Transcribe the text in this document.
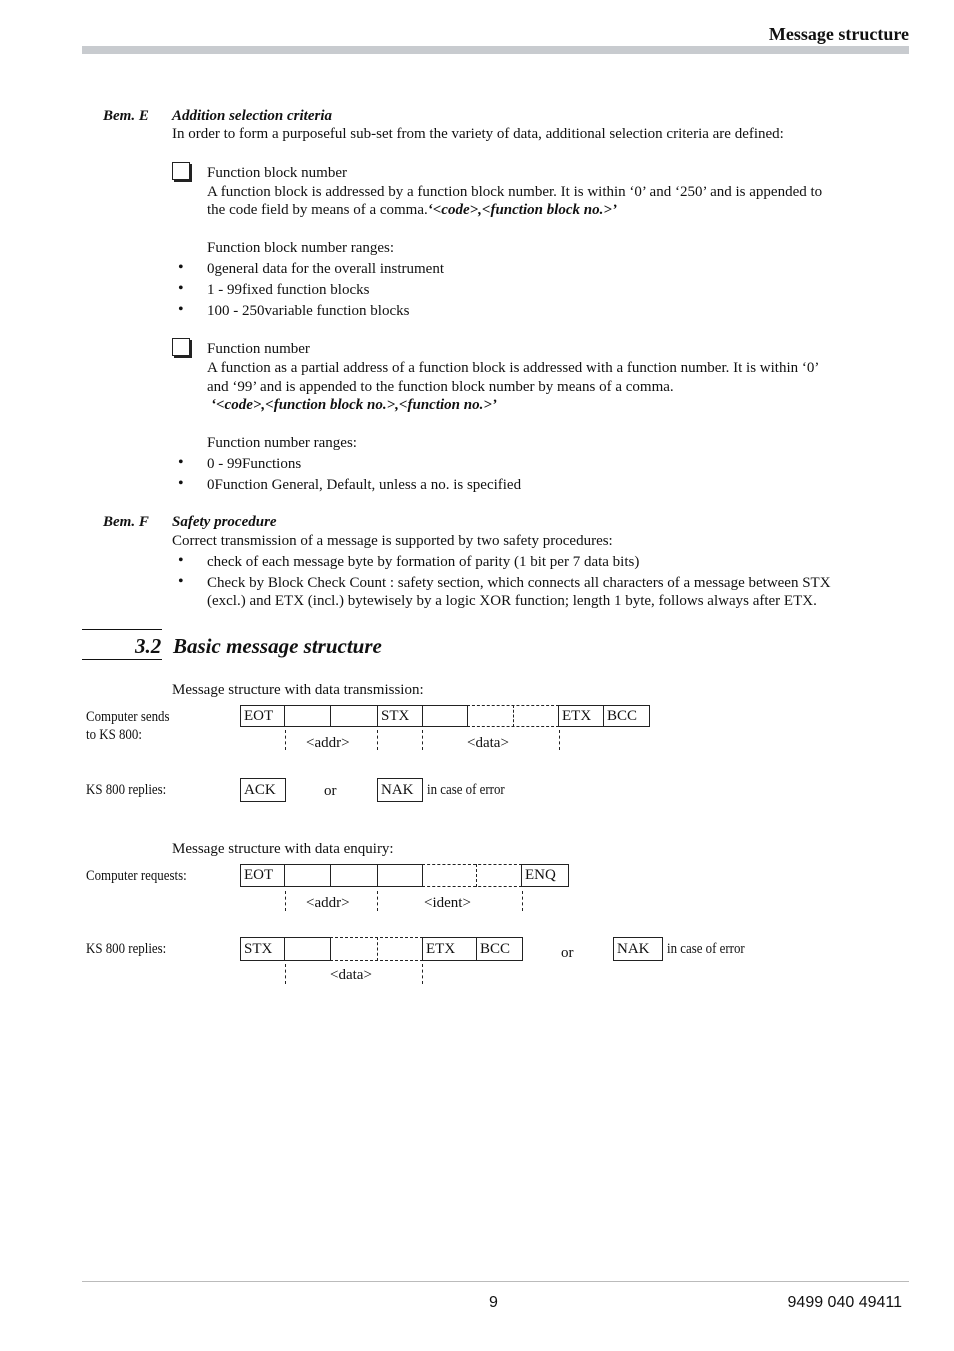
Message structure
Bem. E Addition selection criteria
In order to form a purposeful sub-set from the variety of data, additional selection criteria are defined:
Function block number
A function block is addressed by a function block number. It is within ‘0’ and ‘250’ and is appended to
the code field by means of a comma.‘<code>,<function block no.>’
Function block number ranges:
• 0general data for the overall instrument
• 1 - 99fixed function blocks
• 100 - 250variable function blocks
Function number
A function as a partial address of a function block is addressed with a function number. It is within ‘0’
and ‘99’ and is appended to the function block number by means of a comma.
‘<code>,<function block no.>,<function no.>’
Function number ranges:
• 0 - 99Functions
• 0Function General, Default, unless a no. is specified
Bem. F Safety procedure
Correct transmission of a message is supported by two safety procedures:
• check of each message byte by formation of parity (1 bit per 7 data bits)
• Check by Block Check Count : safety section, which connects all characters of a message between STX
(excl.) and ETX (incl.) bytewisely by a logic XOR function; length 1 byte, follows always after ETX.
3.2 Basic message structure
Message structure with data transmission:
Computer sends
to KS 800:
EOT	STX	ETX	BCC
<addr>	<data>
KS 800 replies:	ACK	or	NAK in case of error
Message structure with data enquiry:
Computer requests:	EOT	ENQ
<addr>	<ident>
KS 800 replies:	STX	ETX	BCC
<data>
or	NAK	in case of error
9	9499 040 49411
